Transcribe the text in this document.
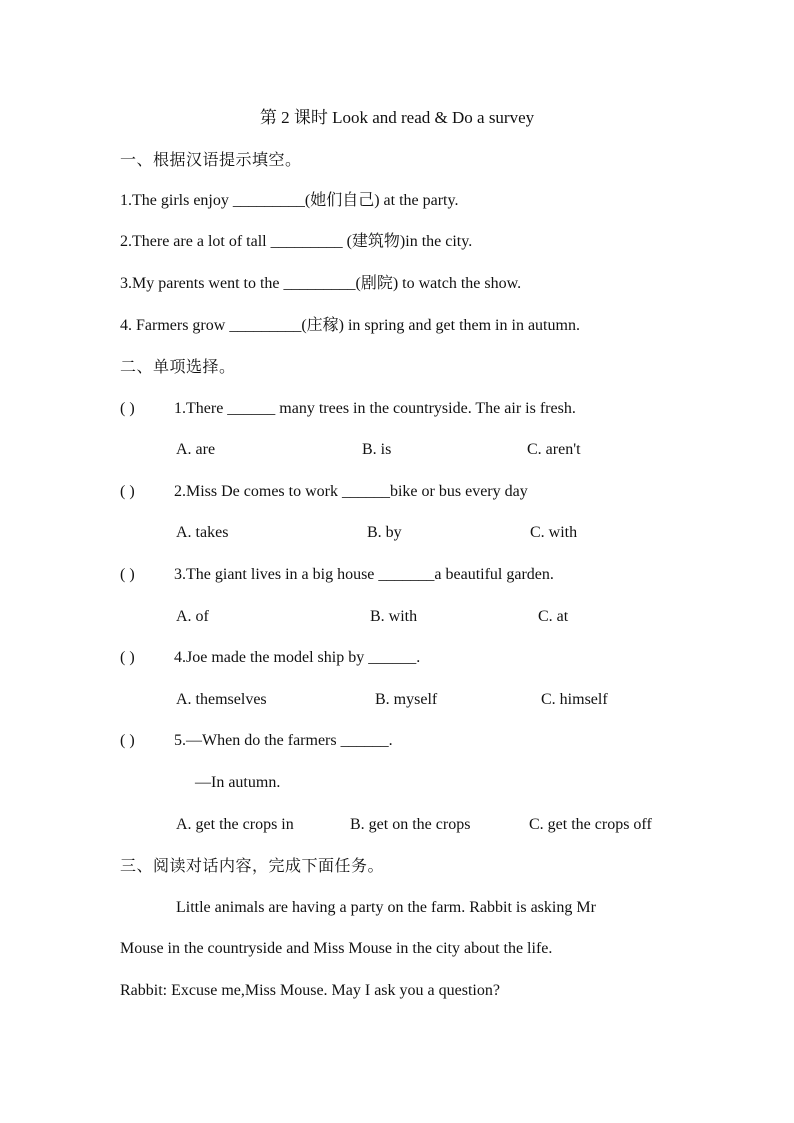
第 2 课时 Look and read & Do a survey
一、根据汉语提示填空。
1.The girls enjoy _________(她们自己) at the party.
2.There are a lot of tall _________ (建筑物)in the city.
3.My parents went to the _________(剧院) to watch the show.
4. Farmers grow _________(庄稼) in spring and get them in in autumn.
二、单项选择。
( ) 1.There ______ many trees in the countryside. The air is fresh.
A. are	B. is	C. aren't
( ) 2.Miss De comes to work ______bike or bus every day
A. takes	B. by	C. with
( ) 3.The giant lives in a big house _______a beautiful garden.
A. of	B. with	C. at
( ) 4.Joe made the model ship by ______.
A. themselves	B. myself	C. himself
( ) 5.—When do the farmers ______.
—In autumn.
A. get the crops in	B. get on the crops	C. get the crops off
三、阅读对话内容，完成下面任务。
Little animals are having a party on the farm. Rabbit is asking Mr
Mouse in the countryside and Miss Mouse in the city about the life.
Rabbit: Excuse me,Miss Mouse. May I ask you a question?
